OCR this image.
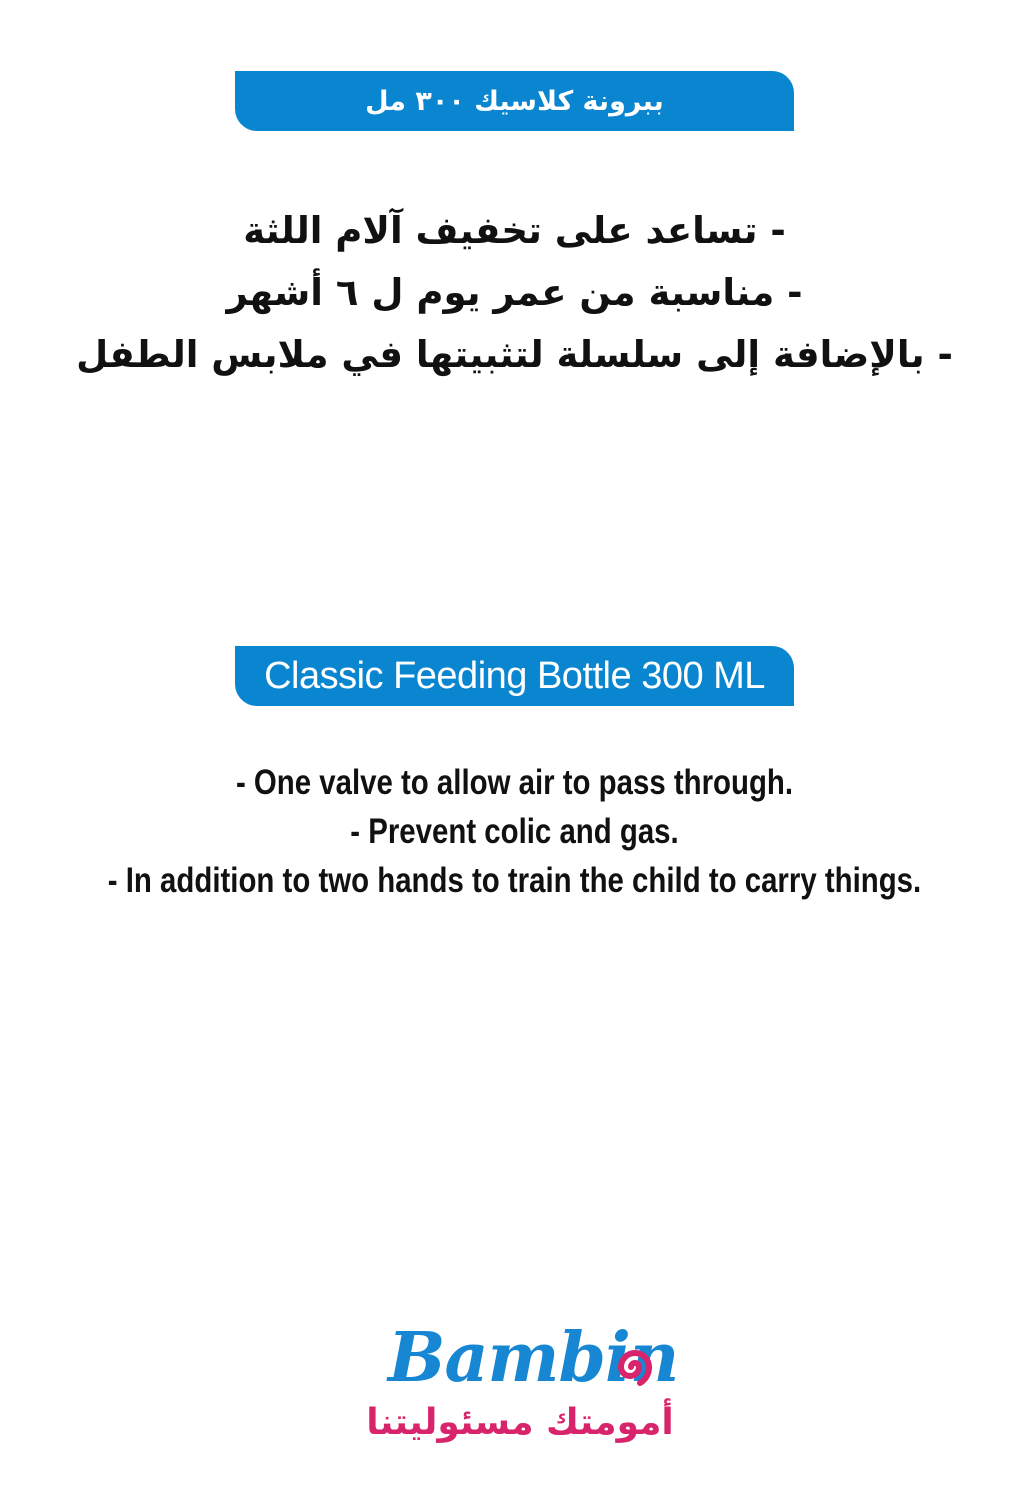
ببرونة كلاسيك ٣٠٠ مل
- تساعد على تخفيف آلام اللثة
- مناسبة من عمر يوم ل ٦ أشهر
- بالإضافة إلى سلسلة لتثبيتها في ملابس الطفل
Classic Feeding Bottle 300 ML
- One valve to allow air to pass through.
- Prevent colic and gas.
- In addition to two hands to train the child to carry things.
Bambin
أمومتك مسئوليتنا
